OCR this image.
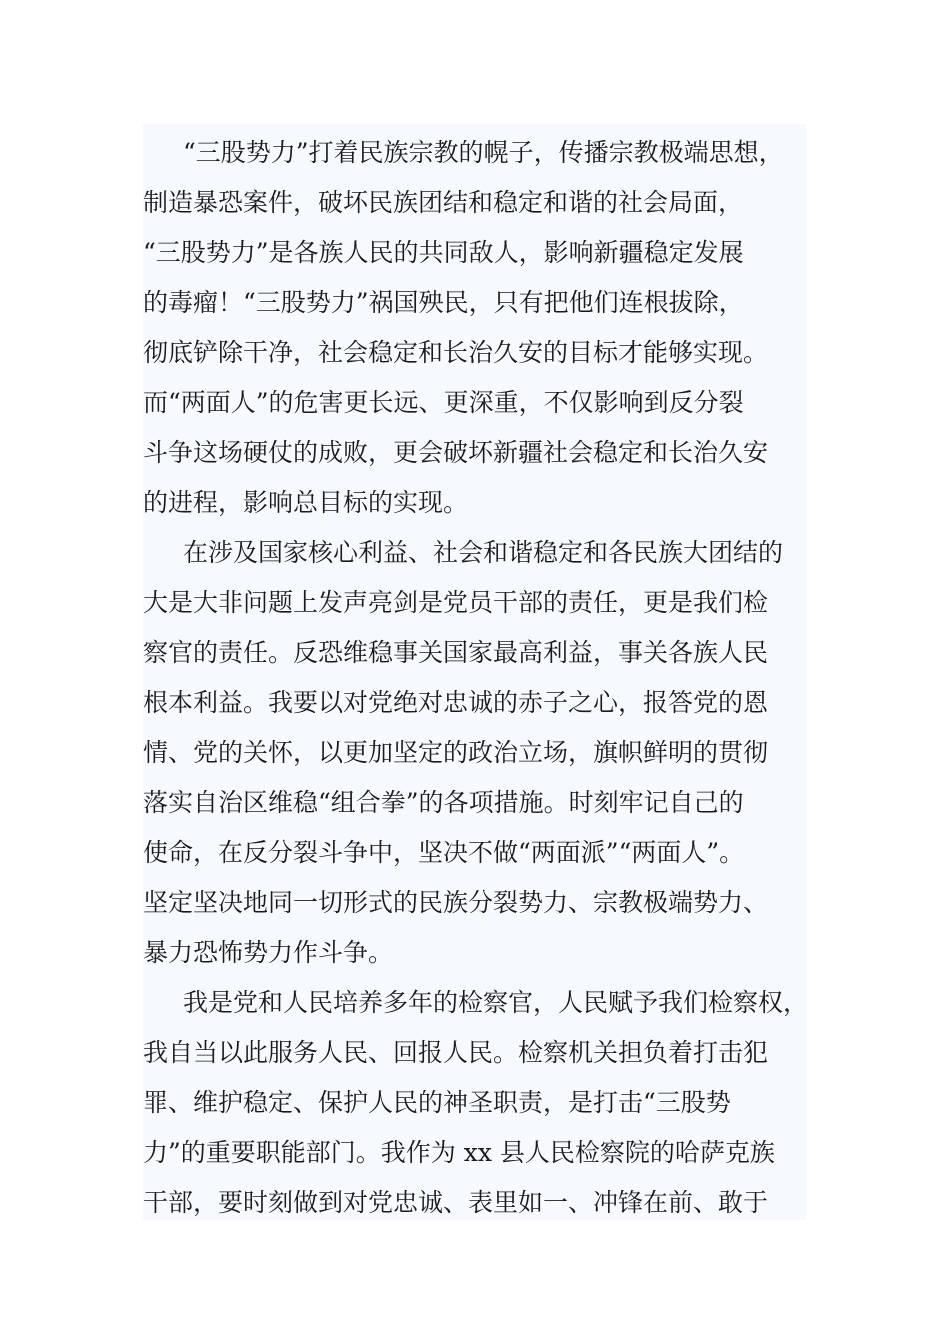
“三股势力”打着民族宗教的幌子，传播宗教极端思想，
制造暴恐案件，破坏民族团结和稳定和谐的社会局面，
“三股势力”是各族人民的共同敌人，影响新疆稳定发展
的毒瘤！“三股势力”祸国殃民，只有把他们连根拔除，
彻底铲除干净，社会稳定和长治久安的目标才能够实现。
而“两面人”的危害更长远、更深重，不仅影响到反分裂
斗争这场硬仗的成败，更会破坏新疆社会稳定和长治久安
的进程，影响总目标的实现。
在涉及国家核心利益、社会和谐稳定和各民族大团结的
大是大非问题上发声亮剑是党员干部的责任，更是我们检
察官的责任。反恐维稳事关国家最高利益，事关各族人民
根本利益。我要以对党绝对忠诚的赤子之心，报答党的恩
情、党的关怀，以更加坚定的政治立场，旗帜鲜明的贯彻
落实自治区维稳“组合拳”的各项措施。时刻牢记自己的
使命，在反分裂斗争中，坚决不做“两面派”“两面人”。
坚定坚决地同一切形式的民族分裂势力、宗教极端势力、
暴力恐怖势力作斗争。
我是党和人民培养多年的检察官，人民赋予我们检察权，
我自当以此服务人民、回报人民。检察机关担负着打击犯
罪、维护稳定、保护人民的神圣职责，是打击“三股势
力”的重要职能部门。我作为 xx 县人民检察院的哈萨克族
干部，要时刻做到对党忠诚、表里如一、冲锋在前、敢于
